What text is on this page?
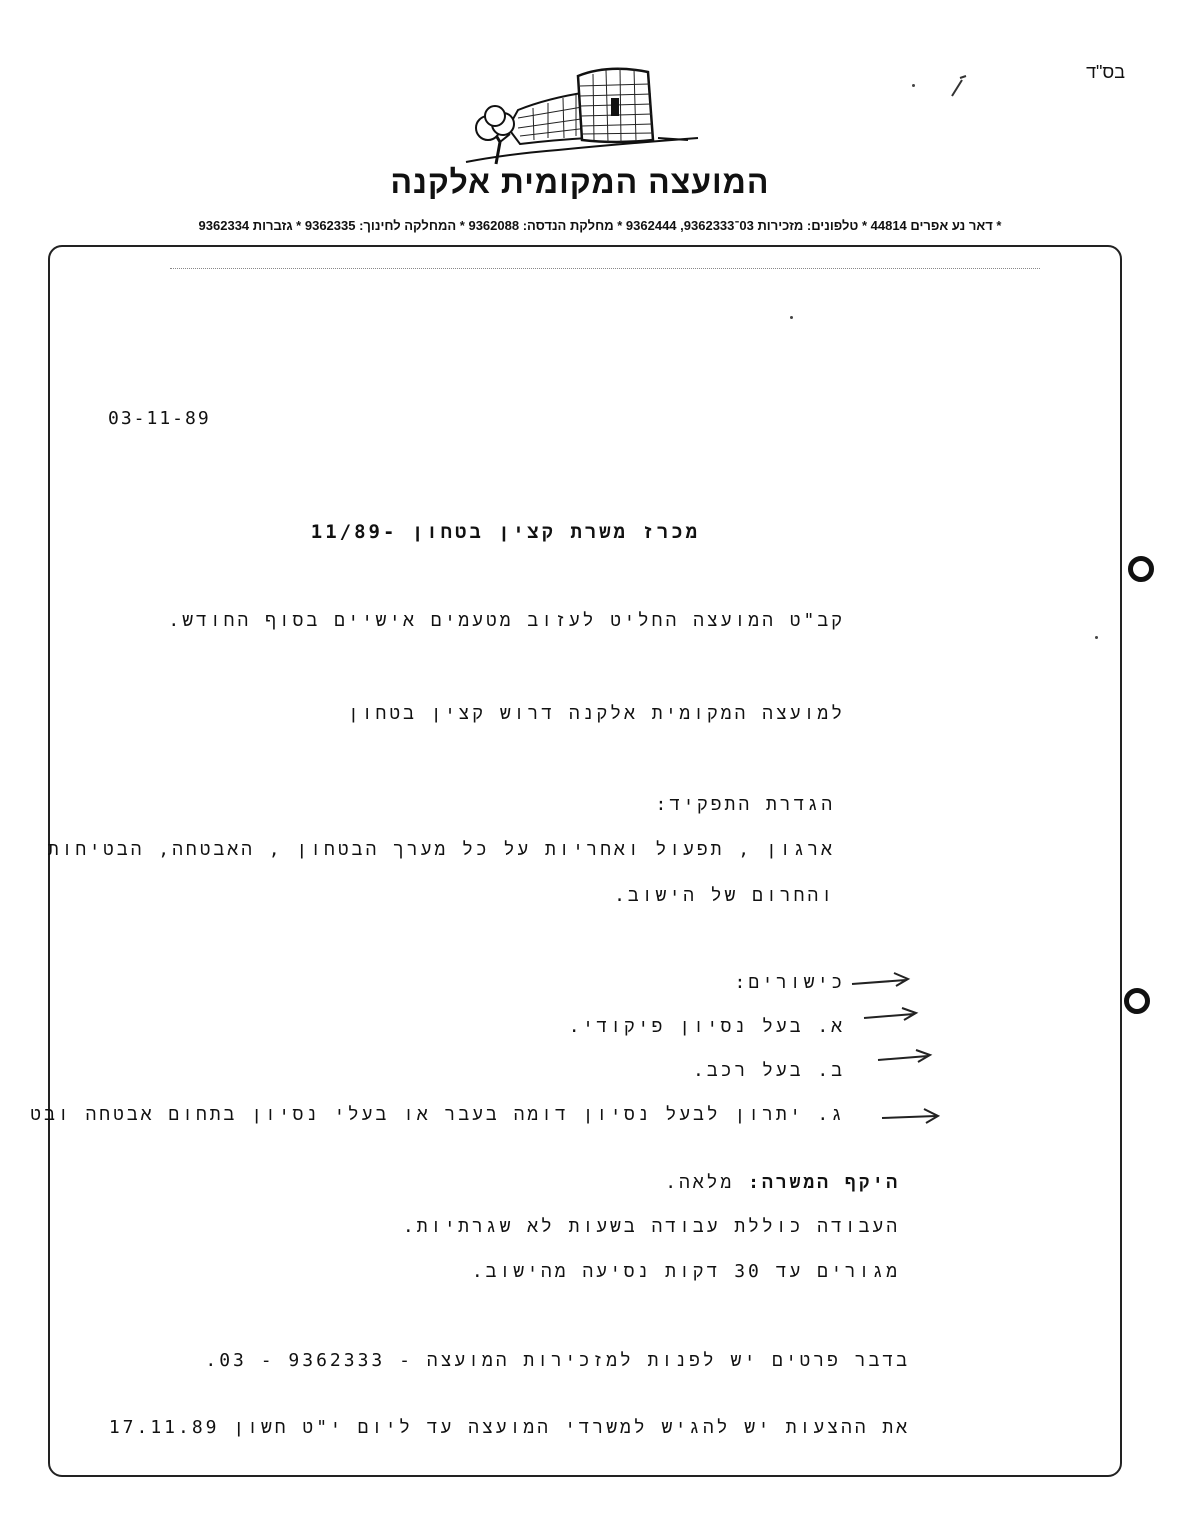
בס"ד
המועצה המקומית אלקנה
* דאר נע אפרים 44814 * טלפונים: מזכירות 03־9362333, 9362444 * מחלקת הנדסה: 9362088 * המחלקה לחינוך: 9362335 * גזברות 9362334
03-11-89
מכרז משרת קצין בטחון -11/89
קב"ט המועצה החליט לעזוב מטעמים אישיים בסוף החודש.
למועצה המקומית אלקנה דרוש קצין בטחון
הגדרת התפקיד:
ארגון , תפעול ואחריות על כל מערך הבטחון , האבטחה, הבטיחות
והחרום של הישוב.
כישורים:
א. בעל נסיון פיקודי.
ב. בעל רכב.
ג. יתרון לבעל נסיון דומה בעבר או בעלי נסיון בתחום אבטחה ובט
היקף המשרה: מלאה.
העבודה כוללת עבודה בשעות לא שגרתיות.
מגורים עד 30 דקות נסיעה מהישוב.
בדבר פרטים יש לפנות למזכירות המועצה - 9362333 - 03.
את ההצעות יש להגיש למשרדי המועצה עד ליום י"ט חשון 17.11.89
